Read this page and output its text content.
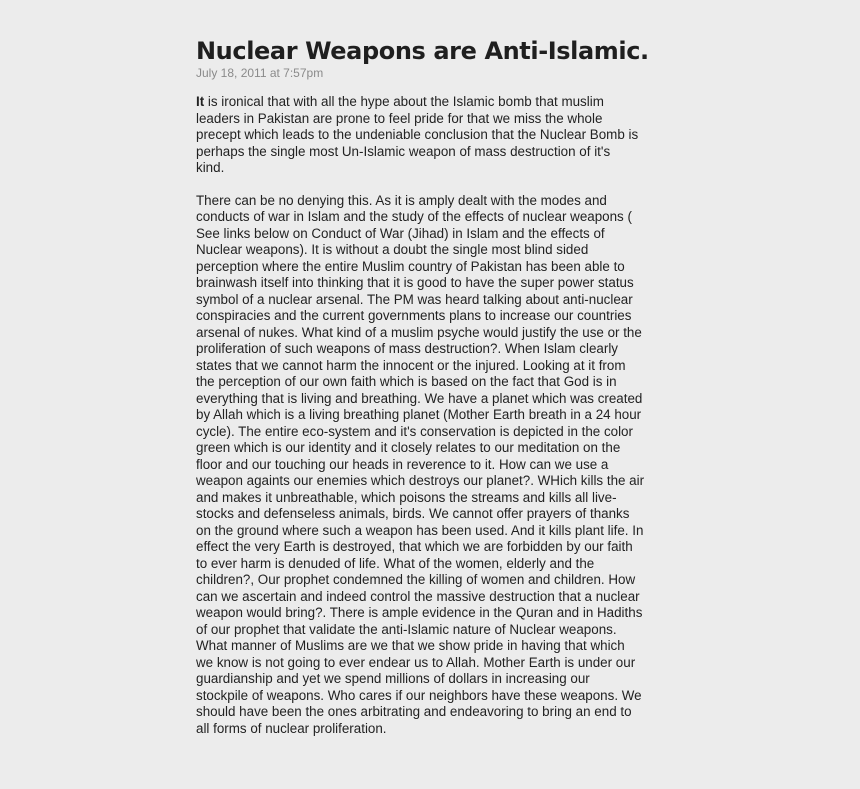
Nuclear Weapons are Anti-Islamic.

July 18, 2011 at 7:57pm

It is ironical that with all the hype about the Islamic bomb that muslim
leaders in Pakistan are prone to feel pride for that we miss the whole
precept which leads to the undeniable conclusion that the Nuclear Bomb is
perhaps the single most Un-Islamic weapon of mass destruction of it's
kind.

There can be no denying this. As it is amply dealt with the modes and
conducts of war in Islam and the study of the effects of nuclear weapons (
See links below on Conduct of War (Jihad) in Islam and the effects of
Nuclear weapons). It is without a doubt the single most blind sided
perception where the entire Muslim country of Pakistan has been able to
brainwash itself into thinking that it is good to have the super power status
symbol of a nuclear arsenal. The PM was heard talking about anti-nuclear
conspiracies and the current governments plans to increase our countries
arsenal of nukes. What kind of a muslim psyche would justify the use or the
proliferation of such weapons of mass destruction?. When Islam clearly
states that we cannot harm the innocent or the injured. Looking at it from
the perception of our own faith which is based on the fact that God is in
everything that is living and breathing. We have a planet which was created
by Allah which is a living breathing planet (Mother Earth breath in a 24 hour
cycle). The entire eco-system and it's conservation is depicted in the color
green which is our identity and it closely relates to our meditation on the
floor and our touching our heads in reverence to it. How can we use a
weapon againts our enemies which destroys our planet?. WHich kills the air
and makes it unbreathable, which poisons the streams and kills all live-
stocks and defenseless animals, birds. We cannot offer prayers of thanks
on the ground where such a weapon has been used. And it kills plant life. In
effect the very Earth is destroyed, that which we are forbidden by our faith
to ever harm is denuded of life. What of the women, elderly and the
children?, Our prophet condemned the killing of women and children. How
can we ascertain and indeed control the massive destruction that a nuclear
weapon would bring?. There is ample evidence in the Quran and in Hadiths
of our prophet that validate the anti-Islamic nature of Nuclear weapons.
What manner of Muslims are we that we show pride in having that which
we know is not going to ever endear us to Allah. Mother Earth is under our
guardianship and yet we spend millions of dollars in increasing our
stockpile of weapons. Who cares if our neighbors have these weapons. We
should have been the ones arbitrating and endeavoring to bring an end to
all forms of nuclear proliferation.
